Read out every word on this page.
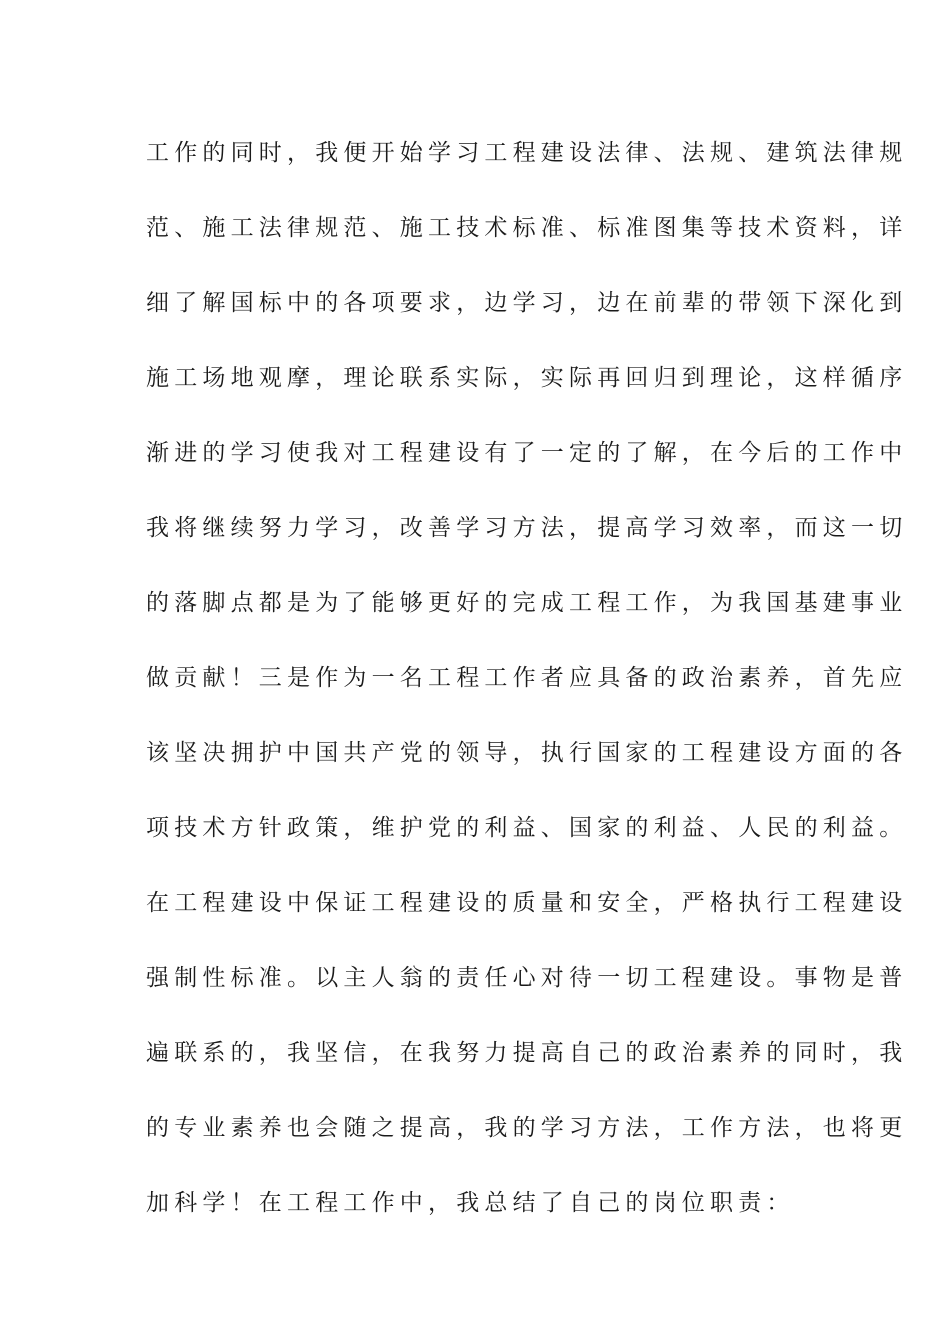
工作的同时，我便开始学习工程建设法律、法规、建筑法律规
范、施工法律规范、施工技术标准、标准图集等技术资料，详
细了解国标中的各项要求，边学习，边在前辈的带领下深化到
施工场地观摩，理论联系实际，实际再回归到理论，这样循序
渐进的学习使我对工程建设有了一定的了解，在今后的工作中
我将继续努力学习，改善学习方法，提高学习效率，而这一切
的落脚点都是为了能够更好的完成工程工作，为我国基建事业
做贡献！三是作为一名工程工作者应具备的政治素养，首先应
该坚决拥护中国共产党的领导，执行国家的工程建设方面的各
项技术方针政策，维护党的利益、国家的利益、人民的利益。
在工程建设中保证工程建设的质量和安全，严格执行工程建设
强制性标准。以主人翁的责任心对待一切工程建设。事物是普
遍联系的，我坚信，在我努力提高自己的政治素养的同时，我
的专业素养也会随之提高，我的学习方法，工作方法，也将更
加科学！在工程工作中，我总结了自己的岗位职责：
